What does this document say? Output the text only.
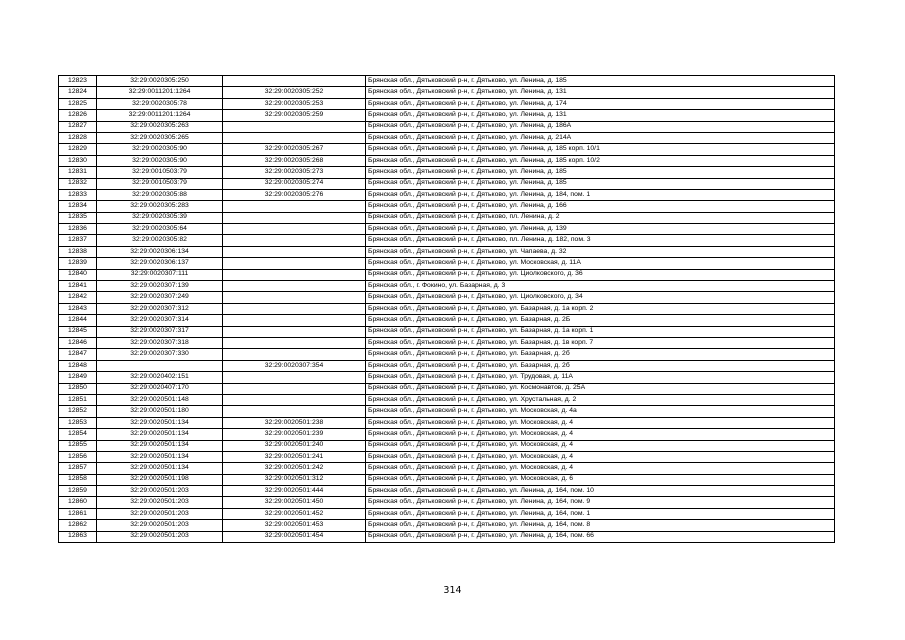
12823	32:29:0020305:250		Брянская обл., Дятьковский р-н, г. Дятьково, ул. Ленина, д. 185
12824	32:29:0011201:1264	32:29:0020305:252	Брянская обл., Дятьковский р-н, г. Дятьково, ул. Ленина, д. 131
12825	32:29:0020305:78	32:29:0020305:253	Брянская обл., Дятьковский р-н, г. Дятьково, ул. Ленина, д. 174
12826	32:29:0011201:1264	32:29:0020305:259	Брянская обл., Дятьковский р-н, г. Дятьково, ул. Ленина, д. 131
12827	32:29:0020305:263		Брянская обл., Дятьковский р-н, г. Дятьково, ул. Ленина, д. 186А
12828	32:29:0020305:265		Брянская обл., Дятьковский р-н, г. Дятьково, ул. Ленина, д. 214А
12829	32:29:0020305:90	32:29:0020305:267	Брянская обл., Дятьковский р-н, г. Дятьково, ул. Ленина, д. 185 корп. 10/1
12830	32:29:0020305:90	32:29:0020305:268	Брянская обл., Дятьковский р-н, г. Дятьково, ул. Ленина, д. 185 корп. 10/2
12831	32:29:0010503:79	32:29:0020305:273	Брянская обл., Дятьковский р-н, г. Дятьково, ул. Ленина, д. 185
12832	32:29:0010503:79	32:29:0020305:274	Брянская обл., Дятьковский р-н, г. Дятьково, ул. Ленина, д. 185
12833	32:29:0020305:88	32:29:0020305:276	Брянская обл., Дятьковский р-н, г. Дятьково, ул. Ленина, д. 184, пом. 1
12834	32:29:0020305:283		Брянская обл., Дятьковский р-н, г. Дятьково, ул. Ленина, д. 166
12835	32:29:0020305:39		Брянская обл., Дятьковский р-н, г. Дятьково, пл. Ленина, д. 2
12836	32:29:0020305:64		Брянская обл., Дятьковский р-н, г. Дятьково, ул. Ленина, д. 139
12837	32:29:0020305:82		Брянская обл., Дятьковский р-н, г. Дятьково, пл. Ленина, д. 182, пом. 3
12838	32:29:0020306:134		Брянская обл., Дятьковский р-н, г. Дятьково, ул. Чапаева, д. 32
12839	32:29:0020306:137		Брянская обл., Дятьковский р-н, г. Дятьково, ул. Московская, д. 11А
12840	32:29:0020307:111		Брянская обл., Дятьковский р-н, г. Дятьково, ул. Циолковского, д. 36
12841	32:29:0020307:139		Брянская обл., г. Фокино, ул. Базарная, д. 3
12842	32:29:0020307:249		Брянская обл., Дятьковский р-н, г. Дятьково, ул. Циолковского, д. 34
12843	32:29:0020307:312		Брянская обл., Дятьковский р-н, г. Дятьково, ул. Базарная, д. 1а корп. 2
12844	32:29:0020307:314		Брянская обл., Дятьковский р-н, г. Дятьково, ул. Базарная, д. 2Б
12845	32:29:0020307:317		Брянская обл., Дятьковский р-н, г. Дятьково, ул. Базарная, д. 1а корп. 1
12846	32:29:0020307:318		Брянская обл., Дятьковский р-н, г. Дятьково, ул. Базарная, д. 1в корп. 7
12847	32:29:0020307:330		Брянская обл., Дятьковский р-н, г. Дятьково, ул. Базарная, д. 2б
12848		32:29:0020307:354	Брянская обл., Дятьковский р-н, г. Дятьково, ул. Базарная, д. 2б
12849	32:29:0020402:151		Брянская обл., Дятьковский р-н, г. Дятьково, ул. Трудовая, д. 11А
12850	32:29:0020407:170		Брянская обл., Дятьковский р-н, г. Дятьково, ул. Космонавтов, д. 25А
12851	32:29:0020501:148		Брянская обл., Дятьковский р-н, г. Дятьково, ул. Хрустальная, д. 2
12852	32:29:0020501:180		Брянская обл., Дятьковский р-н, г. Дятьково, ул. Московская, д. 4а
12853	32:29:0020501:134	32:29:0020501:238	Брянская обл., Дятьковский р-н, г. Дятьково, ул. Московская, д. 4
12854	32:29:0020501:134	32:29:0020501:239	Брянская обл., Дятьковский р-н, г. Дятьково, ул. Московская, д. 4
12855	32:29:0020501:134	32:29:0020501:240	Брянская обл., Дятьковский р-н, г. Дятьково, ул. Московская, д. 4
12856	32:29:0020501:134	32:29:0020501:241	Брянская обл., Дятьковский р-н, г. Дятьково, ул. Московская, д. 4
12857	32:29:0020501:134	32:29:0020501:242	Брянская обл., Дятьковский р-н, г. Дятьково, ул. Московская, д. 4
12858	32:29:0020501:198	32:29:0020501:312	Брянская обл., Дятьковский р-н, г. Дятьково, ул. Московская, д. 6
12859	32:29:0020501:203	32:29:0020501:444	Брянская обл., Дятьковский р-н, г. Дятьково, ул. Ленина, д. 164, пом. 10
12860	32:29:0020501:203	32:29:0020501:450	Брянская обл., Дятьковский р-н, г. Дятьково, ул. Ленина, д. 164, пом. 9
12861	32:29:0020501:203	32:29:0020501:452	Брянская обл., Дятьковский р-н, г. Дятьково, ул. Ленина, д. 164, пом. 1
12862	32:29:0020501:203	32:29:0020501:453	Брянская обл., Дятьковский р-н, г. Дятьково, ул. Ленина, д. 164, пом. 8
12863	32:29:0020501:203	32:29:0020501:454	Брянская обл., Дятьковский р-н, г. Дятьково, ул. Ленина, д. 164, пом. 66
314
